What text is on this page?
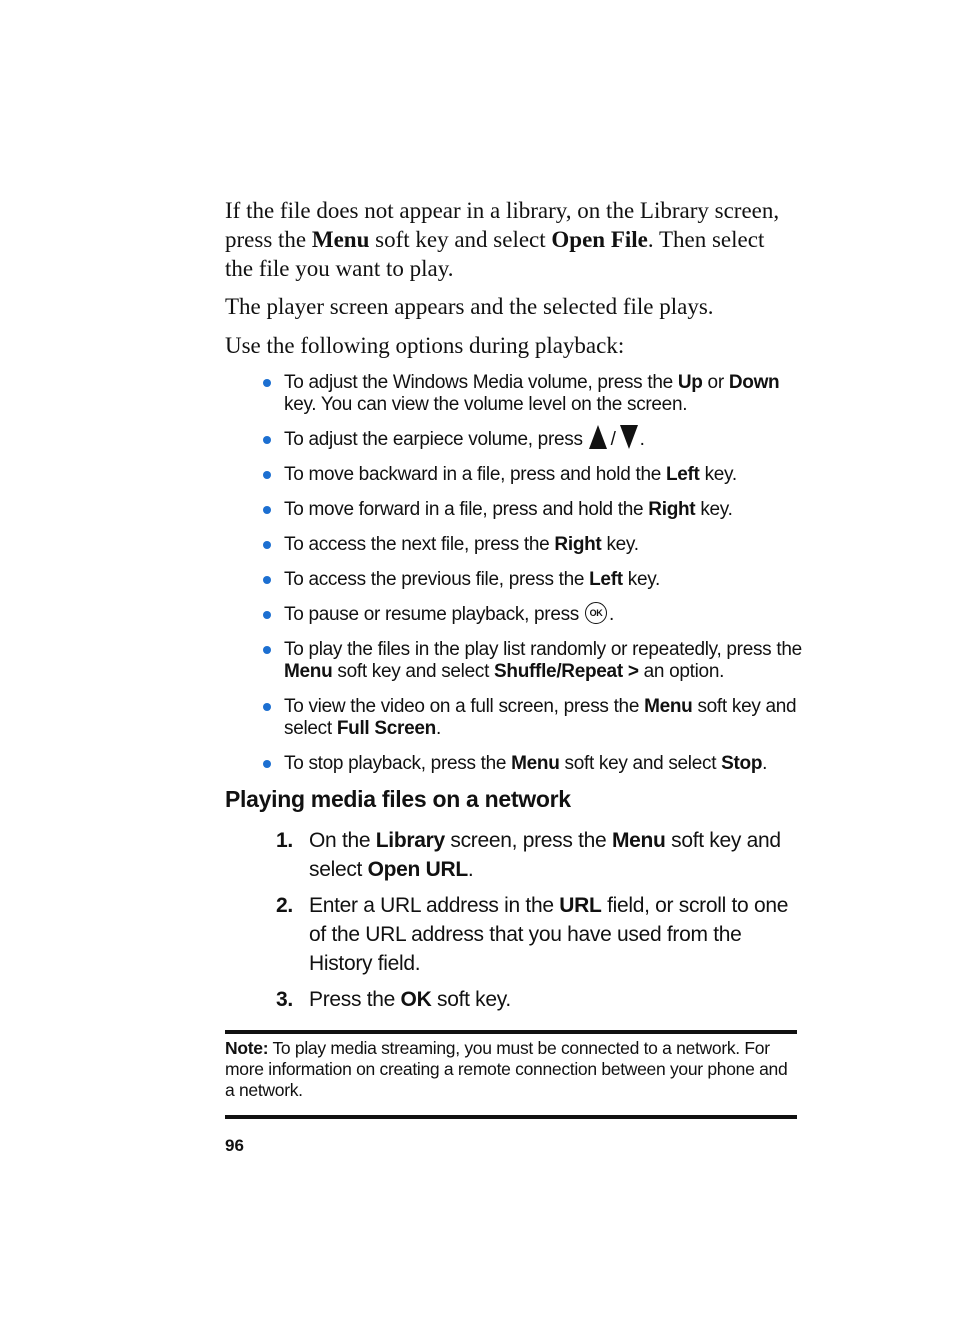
If the file does not appear in a library, on the Library screen, press the Menu soft key and select Open File. Then select the file you want to play.

The player screen appears and the selected file plays.

Use the following options during playback:

To adjust the Windows Media volume, press the Up or Down key. You can view the volume level on the screen.
To adjust the earpiece volume, press / .
To move backward in a file, press and hold the Left key.
To move forward in a file, press and hold the Right key.
To access the next file, press the Right key.
To access the previous file, press the Left key.
To pause or resume playback, press OK .
To play the files in the play list randomly or repeatedly, press the Menu soft key and select Shuffle/Repeat > an option.
To view the video on a full screen, press the Menu soft key and select Full Screen.
To stop playback, press the Menu soft key and select Stop.
Playing media files on a network
1. On the Library screen, press the Menu soft key and select Open URL.
2. Enter a URL address in the URL field, or scroll to one of the URL address that you have used from the History field.
3. Press the OK soft key.

Note: To play media streaming, you must be connected to a network. For more information on creating a remote connection between your phone and a network.

96
